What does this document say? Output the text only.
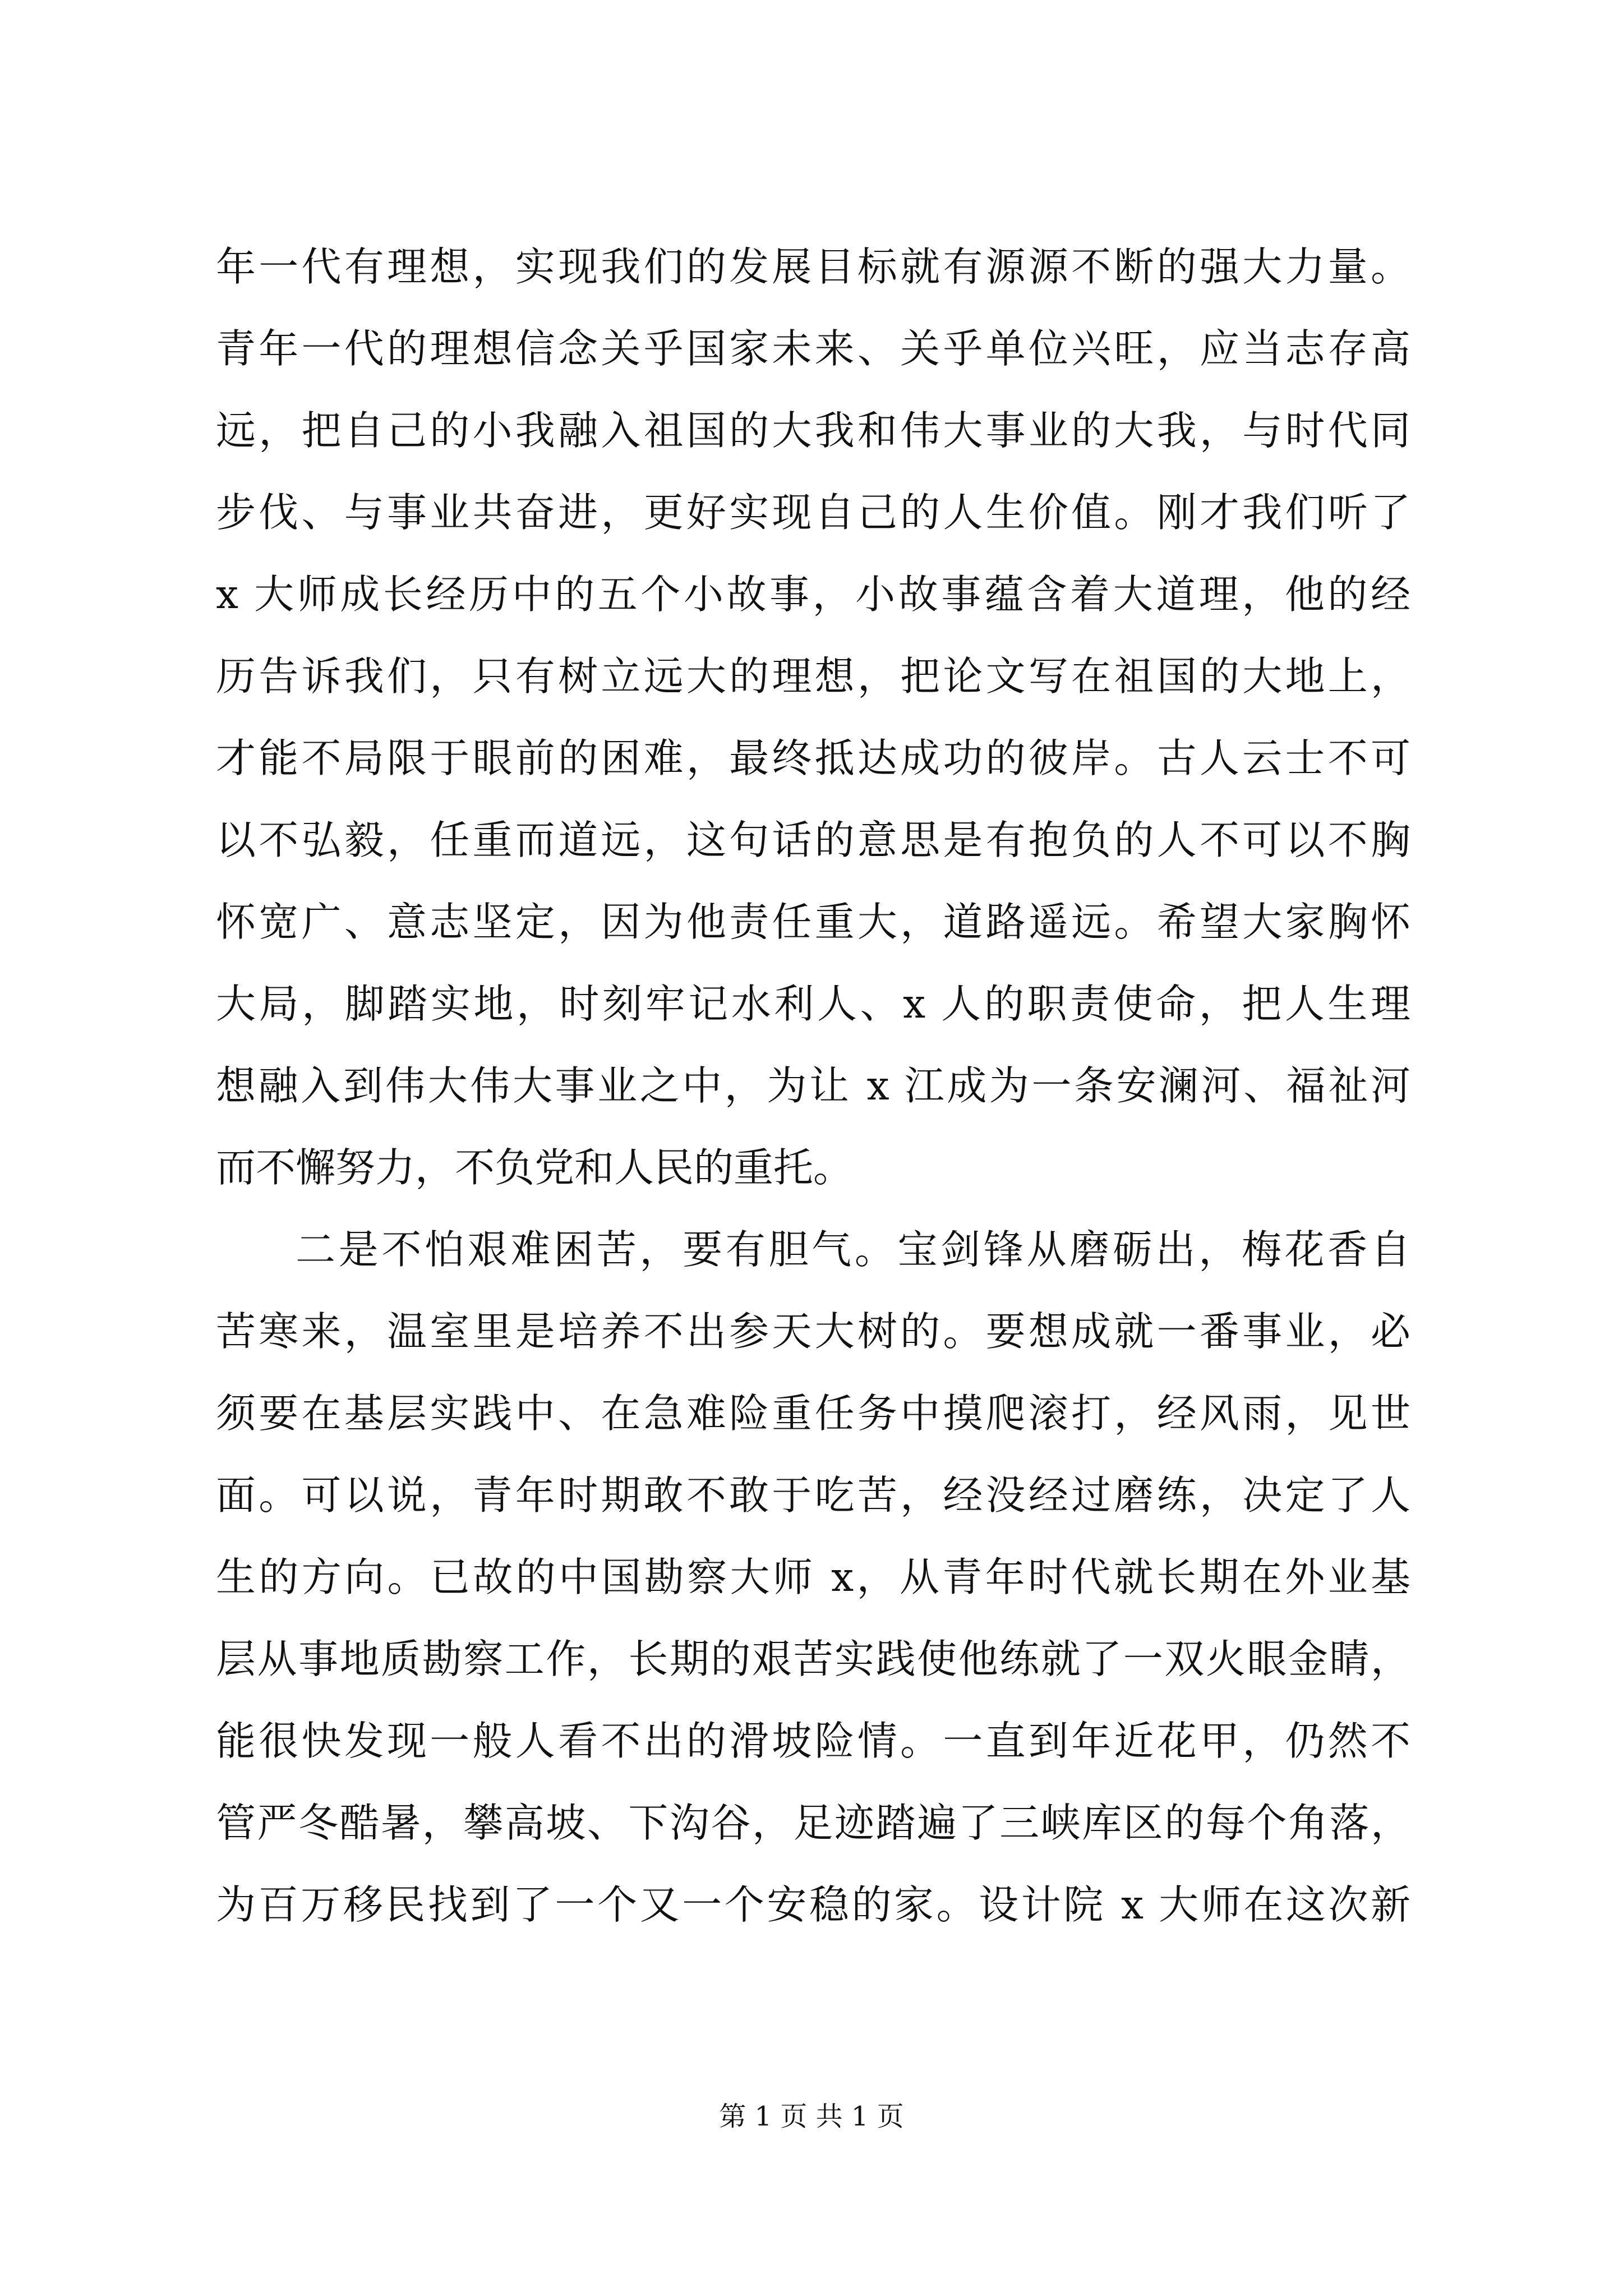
年一代有理想，实现我们的发展目标就有源源不断的强大力量。
青年一代的理想信念关乎国家未来、关乎单位兴旺，应当志存高
远，把自己的小我融入祖国的大我和伟大事业的大我，与时代同
步伐、与事业共奋进，更好实现自己的人生价值。刚才我们听了
x 大师成长经历中的五个小故事，小故事蕴含着大道理，他的经
历告诉我们，只有树立远大的理想，把论文写在祖国的大地上，
才能不局限于眼前的困难，最终抵达成功的彼岸。古人云士不可
以不弘毅，任重而道远，这句话的意思是有抱负的人不可以不胸
怀宽广、意志坚定，因为他责任重大，道路遥远。希望大家胸怀
大局，脚踏实地，时刻牢记水利人、x 人的职责使命，把人生理
想融入到伟大伟大事业之中，为让 x 江成为一条安澜河、福祉河
而不懈努力，不负党和人民的重托。
二是不怕艰难困苦，要有胆气。宝剑锋从磨砺出，梅花香自
苦寒来，温室里是培养不出参天大树的。要想成就一番事业，必
须要在基层实践中、在急难险重任务中摸爬滚打，经风雨，见世
面。可以说，青年时期敢不敢于吃苦，经没经过磨练，决定了人
生的方向。已故的中国勘察大师 x，从青年时代就长期在外业基
层从事地质勘察工作，长期的艰苦实践使他练就了一双火眼金睛，
能很快发现一般人看不出的滑坡险情。一直到年近花甲，仍然不
管严冬酷暑，攀高坡、下沟谷，足迹踏遍了三峡库区的每个角落，
为百万移民找到了一个又一个安稳的家。设计院 x 大师在这次新
第 1 页 共 1 页
